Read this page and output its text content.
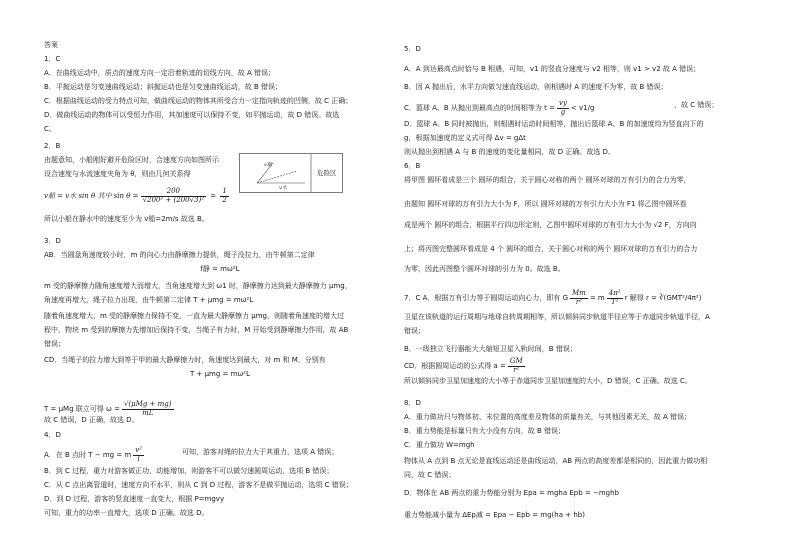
答案
1．C
A．在曲线运动中，质点的速度方向一定沿着轨迹的切线方向，故 A 错误；
B．平抛运动是匀变速曲线运动；斜抛运动也是匀变速曲线运动，故 B 错误；
C．根据曲线运动的受力特点可知，做曲线运动的物体其所受合力一定指向轨迹的凹侧，故 C 正确；
D．做曲线运动的物体可以受恒力作用，其加速度可以保持不变，如平抛运动，故 D 错误。故选
C。
2．B
由题意知，小船刚好避开危险区时，合速度方向如图所示
设合速度与水流速度夹角为 θ，则由几何关系得
v船 = v水 sin θ 其中 $\sin \theta = \frac{200}{\text{√200² + (200√3)²}} = \frac{1}{2}$
所以小船在静水中的速度至少为 v船=2m/s 故选 B。
3．D
AB．当圆盘角速度较小时，m 的向心力由静摩擦力提供，绳子没拉力，由牛顿第二定律
f静 = mω²L
m 受的静摩擦力随角速度增大而增大，当角速度增大到 ω1 时，静摩擦力达到最大静摩擦力 μmg，
角速度再增大，绳子拉力出现，由牛顿第二定律 T + μmg = mω²L
随着角速度增大，m 受的静摩擦力保持不变，一直为最大静摩擦力 μmg，则随着角速度的增大过
程中，物块 m 受到的摩擦力先增加后保持不变，当绳子有力时，M 开始受到静摩擦力作用，故 AB
错误；
CD．当绳子的拉力增大到等于甲的最大静摩擦力时，角速度达到最大，对 m 和 M，分别有
T + μmg = mω²L
T = μMg 联立可得 $\omega = \frac{\text{√(μMg + mg)}}{mL}$
故 C 错误，D 正确，故选 D。
4．D
A．在 B 点时 T − mg = m $\frac{\text{v²}}{l}$	可知，游客对绳的拉力大于其重力，选项 A 错误；
B．到 C 过程，重力对游客做正功，动能增加，则游客不可以做匀速圆周运动，选项 B 错误；
C．从 C 点出离管道时，速度方向不水平，则从 C 到 D 过程，游客不是做平抛运动，选项 C 错误；
D．到 D 过程，游客的竖直速度一直变大，根据 P=mgvy
可知，重力的功率一直增大，选项 D 正确。故选 D。
5．D
A．A 到达最高点时恰与 B 相遇，可知，v1 的竖直分速度与 v2 相等，则 v1 > v2 故 A 错误；
B．因 A 抛出后，水平方向做匀速直线运动，则相遇时 A 的速度不为零，故 B 错误；
C．篮球 A、B 从抛出到最高点的时间相等为 $t = \frac{vy}{g} < v1/g$	，故 C 错误；
D．篮球 A、B 同时被抛出，则相遇时运动时间相等，抛出后篮球 A、B 的加速度均为竖直向下的
g，根据加速度的定义式可得 Δv = gΔt
则从抛出到相遇 A 与 B 的速度的变化量相同，故 D 正确。故选 D。
6．B
将甲图 圆环看成是三个 圆环的组合，关于圆心对称的两个 圆环对球的万有引力的合力为零，
由题知 圆环对球的万有引力大小为 F，所以 圆环对球的万有引力大小为 F1 将乙图中圆环看
成是两个 圆环的组合，根据平行四边形定则，乙图中圆环对球的万有引力大小为 √2 F，方向向
上；将丙图完整圆环看成是 4 个 圆环的组合，关于圆心对称的两个 圆环对球的万有引力的合力
为零，因此丙图整个圆环对球的引力为 0。故选 B。
7．C A．根据万有引力等于圆周运动向心力，即有 G $\frac{Mm}{\text{r²}} = m \frac{\text{4π²}}{\text{T²}}$ r 解得 r = ∛(GMT²/4π²)
卫星在该轨道的运行周期与地球自转周期相等，所以倾斜同步轨道半径应等于赤道同步轨道半径，A
错误；
B．一级独立飞行器能大大缩短卫星入轨时间，B 错误；
CD．根据圆周运动的公式得 $a = \frac{GM}{\text{r²}}$
所以倾斜同步卫星加速度的大小等于赤道同步卫星加速度的大小，D 错误，C 正确。故选 C。
8．D
A．重力做功只与物体初、末位置的高度差及物体的质量有关，与其他因素无关，故 A 错误；
B．重力势能是标量只有大小没有方向，故 B 错误；
C．重力做功 W=mgh
物体从 A 点到 B 点无论是直线运动还是曲线运动，AB 两点的高度差都是相同的，因此重力做功相
同，故 C 错误；
D．物体在 AB 两点的重力势能分别为 Epa = mgha Epb = −mghb
重力势能减小量为 ΔEp减 = Epa − Epb = mg(ha + hb)
危险区
v船
v水
